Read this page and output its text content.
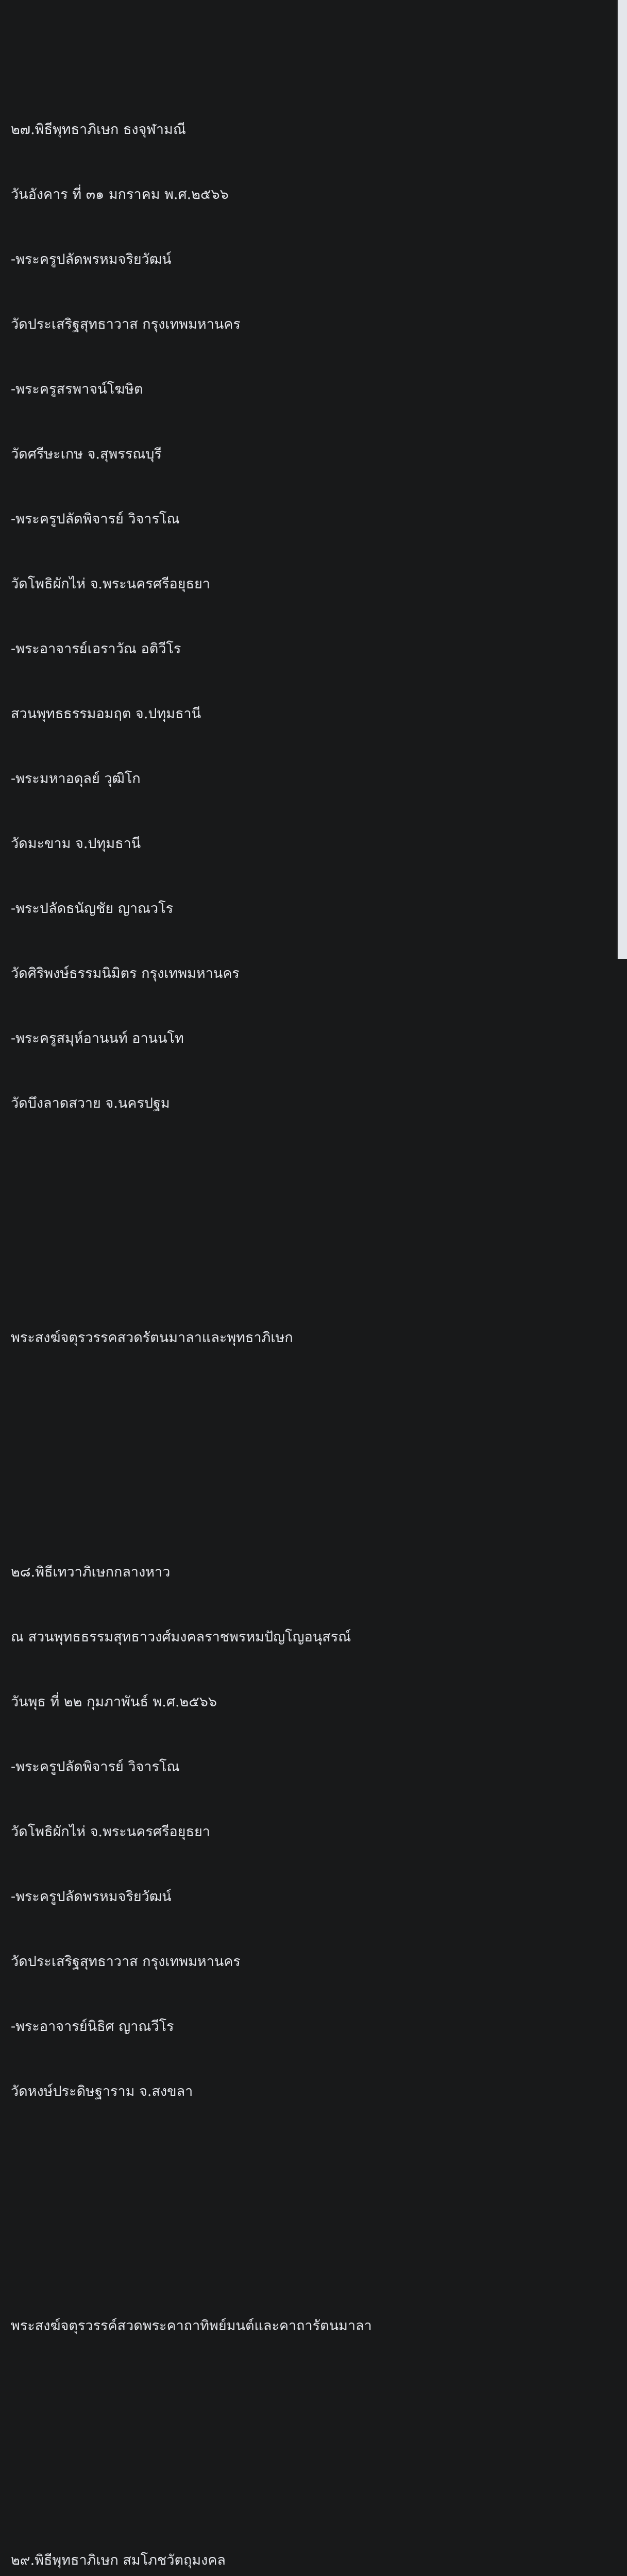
๒๗.พิธีพุทธาภิเษก ธงจุฬามณี

วันอังคาร ที่ ๓๑ มกราคม พ.ศ.๒๕๖๖

-พระครูปลัดพรหมจริยวัฒน์

วัดประเสริฐสุทธาวาส กรุงเทพมหานคร

-พระครูสรพาจน์โฆษิต

วัดศรีษะเกษ จ.สุพรรณบุรี

-พระครูปลัดพิจารย์ วิจารโณ

วัดโพธิผักไห่ จ.พระนครศรีอยุธยา

-พระอาจารย์เอราวัณ อติวีโร

สวนพุทธธรรมอมฤต จ.ปทุมธานี

-พระมหาอดุลย์ วุฒิโก

วัดมะขาม จ.ปทุมธานี

-พระปลัดธนัญชัย ญาณวโร

วัดศิริพงษ์ธรรมนิมิตร กรุงเทพมหานคร

-พระครูสมุห์อานนท์ อานนโท

วัดบึงลาดสวาย จ.นครปฐม

พระสงฆ์จตุรวรรคสวดรัตนมาลาและพุทธาภิเษก

๒๘.พิธีเทวาภิเษกกลางหาว

ณ สวนพุทธธรรมสุทธาวงศ์มงคลราชพรหมปัญโญอนุสรณ์

วันพุธ ที่ ๒๒ กุมภาพันธ์ พ.ศ.๒๕๖๖

-พระครูปลัดพิจารย์ วิจารโณ

วัดโพธิผักไห่ จ.พระนครศรีอยุธยา

-พระครูปลัดพรหมจริยวัฒน์

วัดประเสริฐสุทธาวาส กรุงเทพมหานคร

-พระอาจารย์นิธิศ ญาณวีโร

วัดหงษ์ประดิษฐาราม จ.สงขลา

พระสงฆ์จตุรวรรค์สวดพระคาถาทิพย์มนต์และคาถารัตนมาลา

๒๙.พิธีพุทธาภิเษก สมโภชวัตถุมงคล
